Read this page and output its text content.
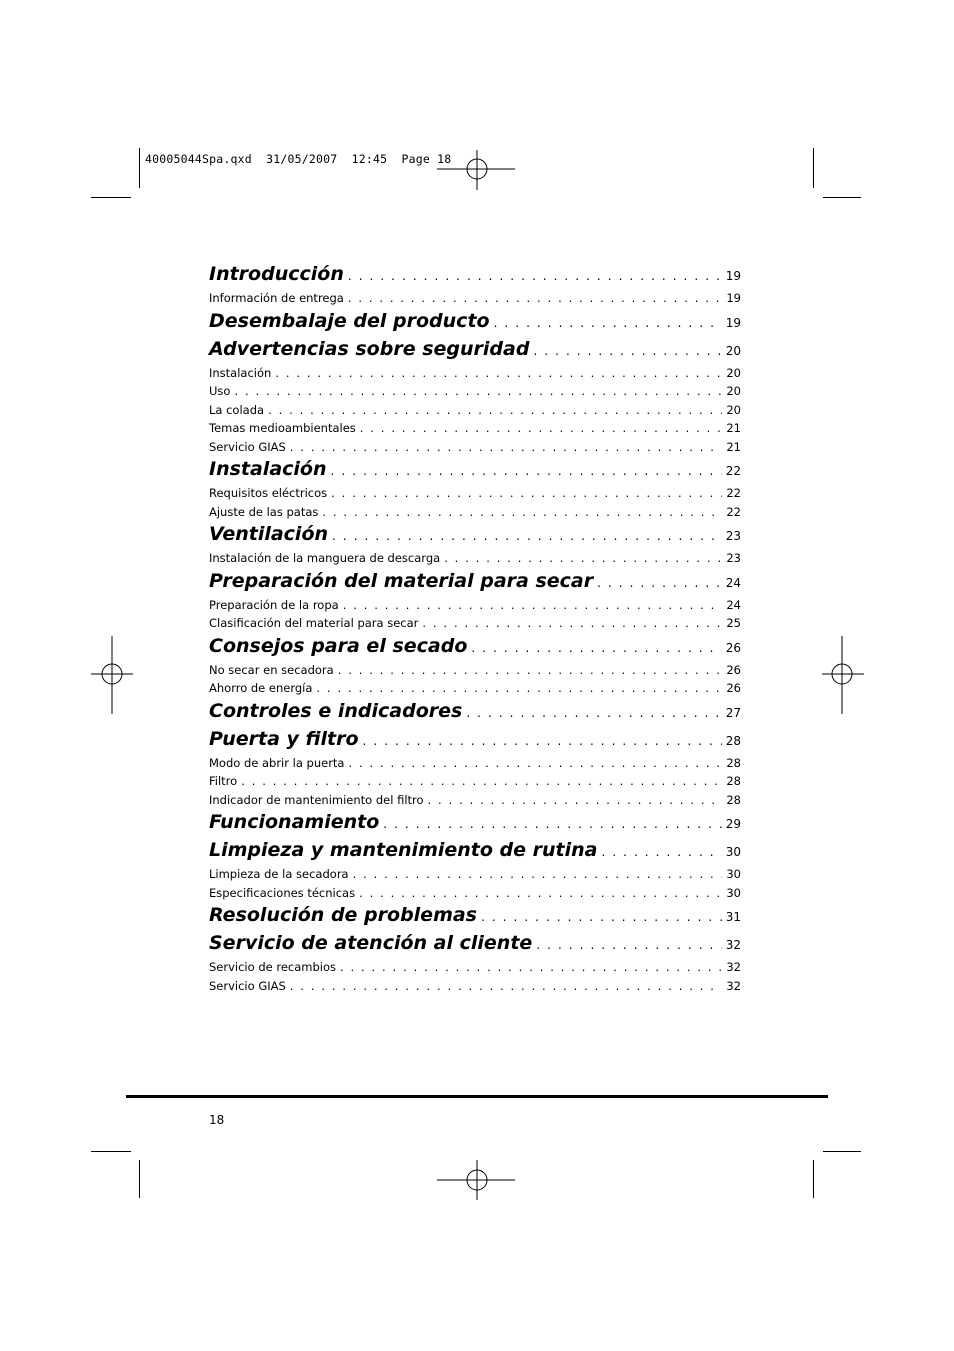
40005044Spa.qxd  31/05/2007  12:45  Page 18
Introducción . . .	19
Información de entrega . . .	19
Desembalaje del producto . . .	19
Advertencias sobre seguridad . . .	20
Instalación . . .	20
Uso . . .	20
La colada . . .	20
Temas medioambientales . . .	21
Servicio GIAS . . .	21
Instalación . . .	22
Requisitos eléctricos . . .	22
Ajuste de las patas . . .	22
Ventilación . . .	23
Instalación de la manguera de descarga . . .	23
Preparación del material para secar . . .	24
Preparación de la ropa . . .	24
Clasificación del material para secar . . .	25
Consejos para el secado . . .	26
No secar en secadora . . .	26
Ahorro de energía . . .	26
Controles e indicadores . . .	27
Puerta y filtro . . .	28
Modo de abrir la puerta . . .	28
Filtro . . .	28
Indicador de mantenimiento del filtro . . .	28
Funcionamiento . . .	29
Limpieza y mantenimiento de rutina . . .	30
Limpieza de la secadora . . .	30
Especificaciones técnicas . . .	30
Resolución de problemas . . .	31
Servicio de atención al cliente . . .	32
Servicio de recambios . . .	32
Servicio GIAS . . .	32
18
